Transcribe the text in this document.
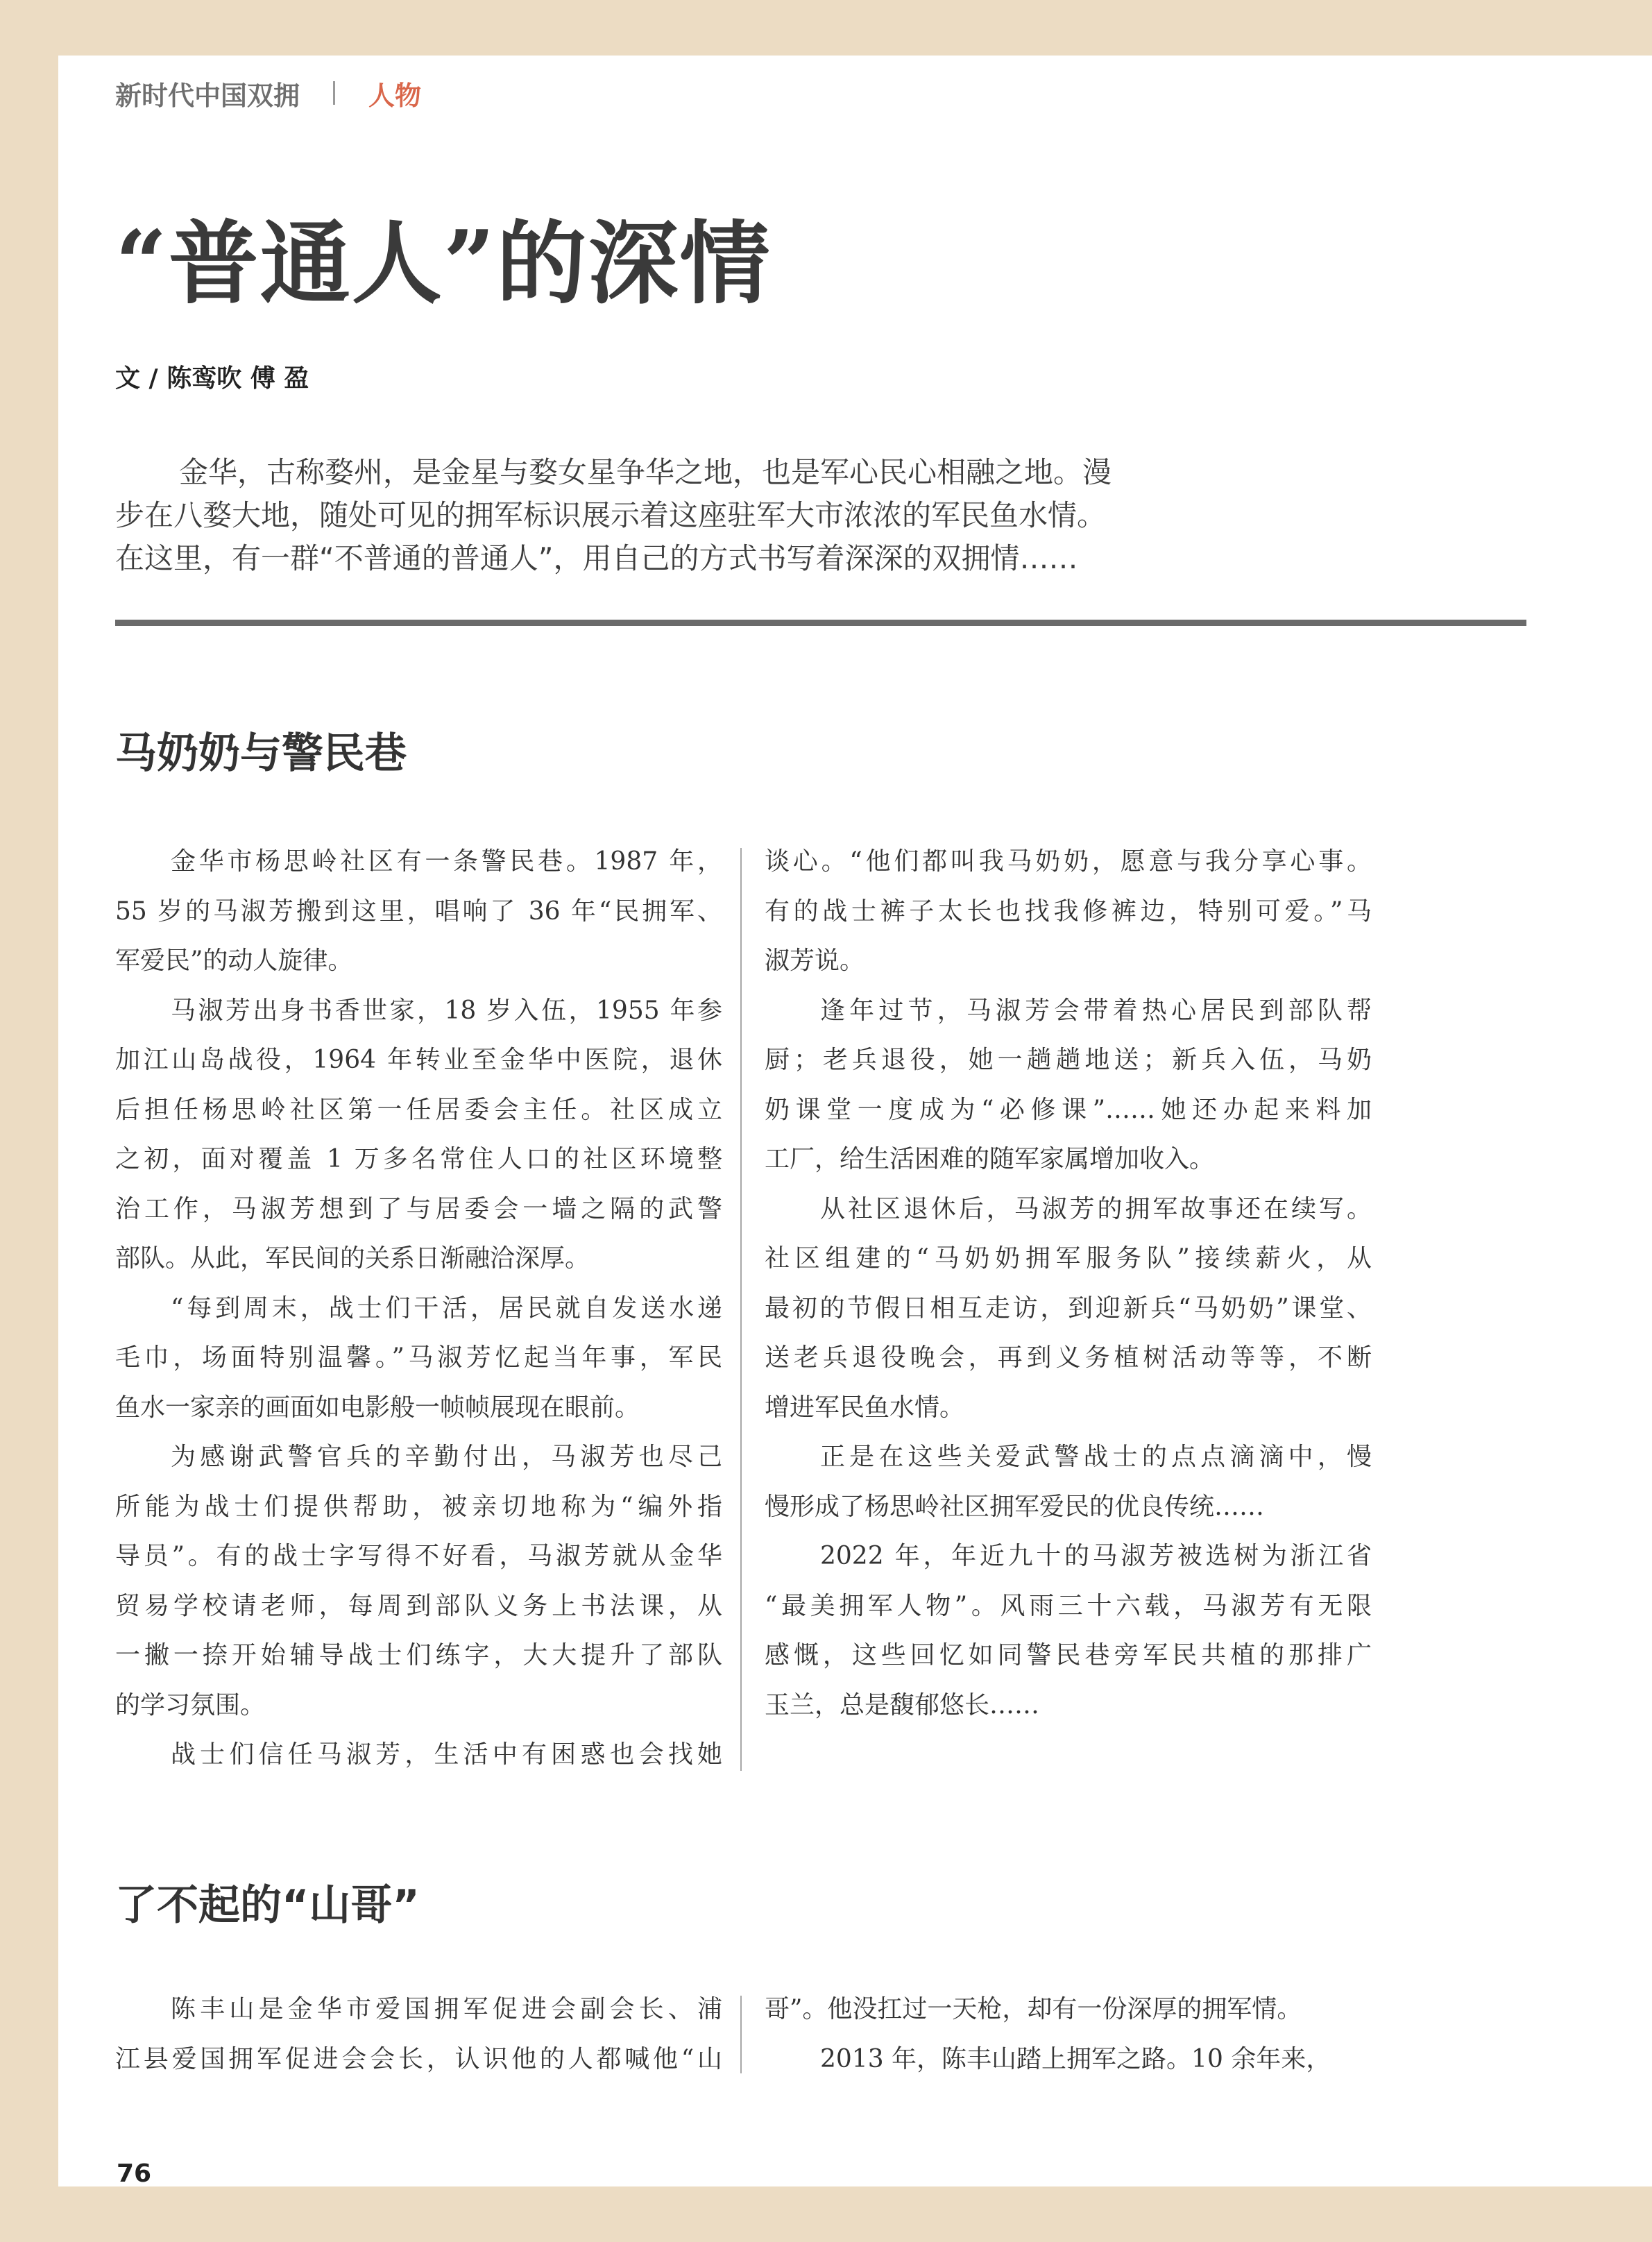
新时代中国双拥	人物
“普通人”的深情
文 / 陈鸾吹 傅 盈

金华，古称婺州，是金星与婺女星争华之地，也是军心民心相融之地。漫

步在八婺大地，随处可见的拥军标识展示着这座驻军大市浓浓的军民鱼水情。

在这里，有一群“不普通的普通人”，用自己的方式书写着深深的双拥情……

马奶奶与警民巷

金华市杨思岭社区有一条警民巷。1987 年，

55 岁的马淑芳搬到这里，唱响了 36 年“民拥军、

军爱民”的动人旋律。

马淑芳出身书香世家，18 岁入伍，1955 年参

加江山岛战役，1964 年转业至金华中医院，退休

后担任杨思岭社区第一任居委会主任。社区成立

之初，面对覆盖 1 万多名常住人口的社区环境整

治工作，马淑芳想到了与居委会一墙之隔的武警

部队。从此，军民间的关系日渐融洽深厚。

“每到周末，战士们干活，居民就自发送水递

毛巾，场面特别温馨。”马淑芳忆起当年事，军民

鱼水一家亲的画面如电影般一帧帧展现在眼前。

为感谢武警官兵的辛勤付出，马淑芳也尽己

所能为战士们提供帮助，被亲切地称为“编外指

导员”。有的战士字写得不好看，马淑芳就从金华

贸易学校请老师，每周到部队义务上书法课，从

一撇一捺开始辅导战士们练字，大大提升了部队

的学习氛围。

战士们信任马淑芳，生活中有困惑也会找她

谈心。“他们都叫我马奶奶，愿意与我分享心事。

有的战士裤子太长也找我修裤边，特别可爱。”马

淑芳说。

逢年过节，马淑芳会带着热心居民到部队帮

厨；老兵退役，她一趟趟地送；新兵入伍，马奶

奶课堂一度成为“必修课”……她还办起来料加

工厂，给生活困难的随军家属增加收入。

从社区退休后，马淑芳的拥军故事还在续写。

社区组建的“马奶奶拥军服务队”接续薪火，从

最初的节假日相互走访，到迎新兵“马奶奶”课堂、

送老兵退役晚会，再到义务植树活动等等，不断

增进军民鱼水情。

正是在这些关爱武警战士的点点滴滴中，慢

慢形成了杨思岭社区拥军爱民的优良传统……

2022 年，年近九十的马淑芳被选树为浙江省

“最美拥军人物”。风雨三十六载，马淑芳有无限

感慨，这些回忆如同警民巷旁军民共植的那排广

玉兰，总是馥郁悠长……

了不起的“山哥”

陈丰山是金华市爱国拥军促进会副会长、浦

江县爱国拥军促进会会长，认识他的人都喊他“山

哥”。他没扛过一天枪，却有一份深厚的拥军情。

2013 年，陈丰山踏上拥军之路。10 余年来，

76
